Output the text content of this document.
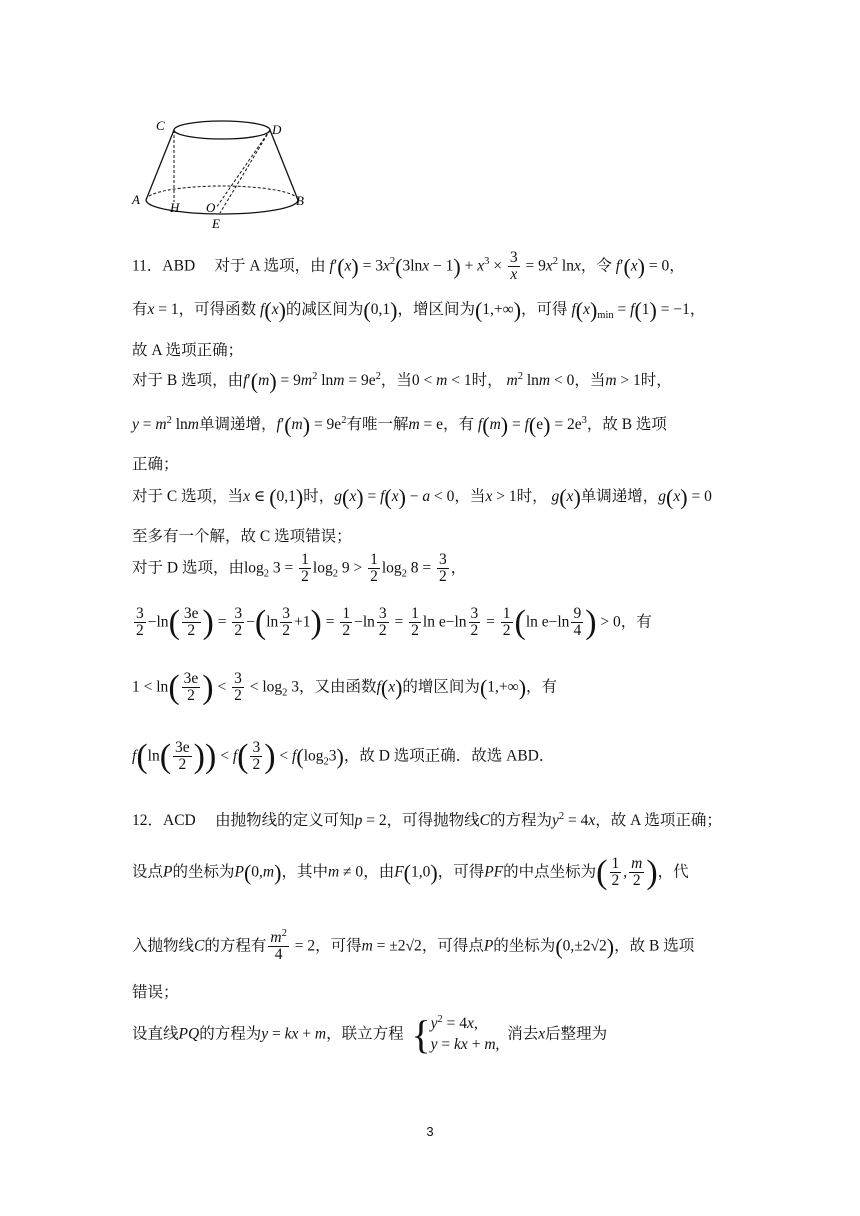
C	D
A	B
H O
E
11．ABD 对于 A 选项，由 $f'(x) = 3x^2(3\ln x - 1) + x^3 \times \frac{3}{x} = 9x^2$ lnx，令 f′(x) = 0，
有x = 1，可得函数 f(x)的减区间为(0,1)，增区间为(1,+∞)，可得 $f(x)_{min} = f(1) = -1$，
故 A 选项正确；
对于 B 选项，由$f'(m) = 9m^2$ $\ln m = 9e^2$，当0 < m < 1时， $m^2$ lnm < 0，当m > 1时，
$y = m^2$ lnm单调递增，$f'(m) = 9e^2$有唯一解m = e，有 $f(m) = f(e) = 2e^3$，故 B 选项
正确；
对于 C 选项，当x ∈ (0,1)时，g(x) = f(x) − a < 0，当x > 1时， g(x)单调递增，g(x) = 0
至多有一个解，故 C 选项错误；
对于 D 选项，由$\log_2 3 = \frac{1}{2} \log_2 9 > \frac{1}{2} \log_2 8 = \frac{3}{2}$ ，
$\frac{3}{2} -\ln( \frac{3e}{2}$ ) = $\frac{3}{2} -(\ln \frac{3}{2} +1) = \frac{1}{2} -\ln \frac{3}{2} = \frac{1}{2}$ $\ln e-\ln \frac{3}{2} = \frac{1}{2} (\ln$ $e-\ln \frac{9}{4}$ ) > 0，有
$1 < \ln( \frac{3e}{2}$ ) < $\frac{3}{2} < \log_2 3$，又由函数f(x)的增区间为(1,+∞)，有
$f(\ln( \frac{3e}{2}$ )) < $f( \frac{3}{2}$ ) < $f(\log_23)$，故 D 选项正确．故选 ABD．
12．ACD 由抛物线的定义可知p = 2，可得抛物线C的方程为$y^2 = 4x$，故 A 选项正确；
设点P的坐标为P(0,m)，其中m ≠ 0，由F(1,0)，可得PF的中点坐标为( $\frac{1}{2}$ , $\frac{m}{2}$ )，代
入抛物线C的方程有 $\frac{m^2}{4} = 2$，可得m = ±2√2，可得点P的坐标为(0,±2√2)，故 B 选项
错误；
设直线PQ的方程为y = kx + m，联立方程 { $y^2 = 4x$,
y = kx + m,
消去x后整理为
3
